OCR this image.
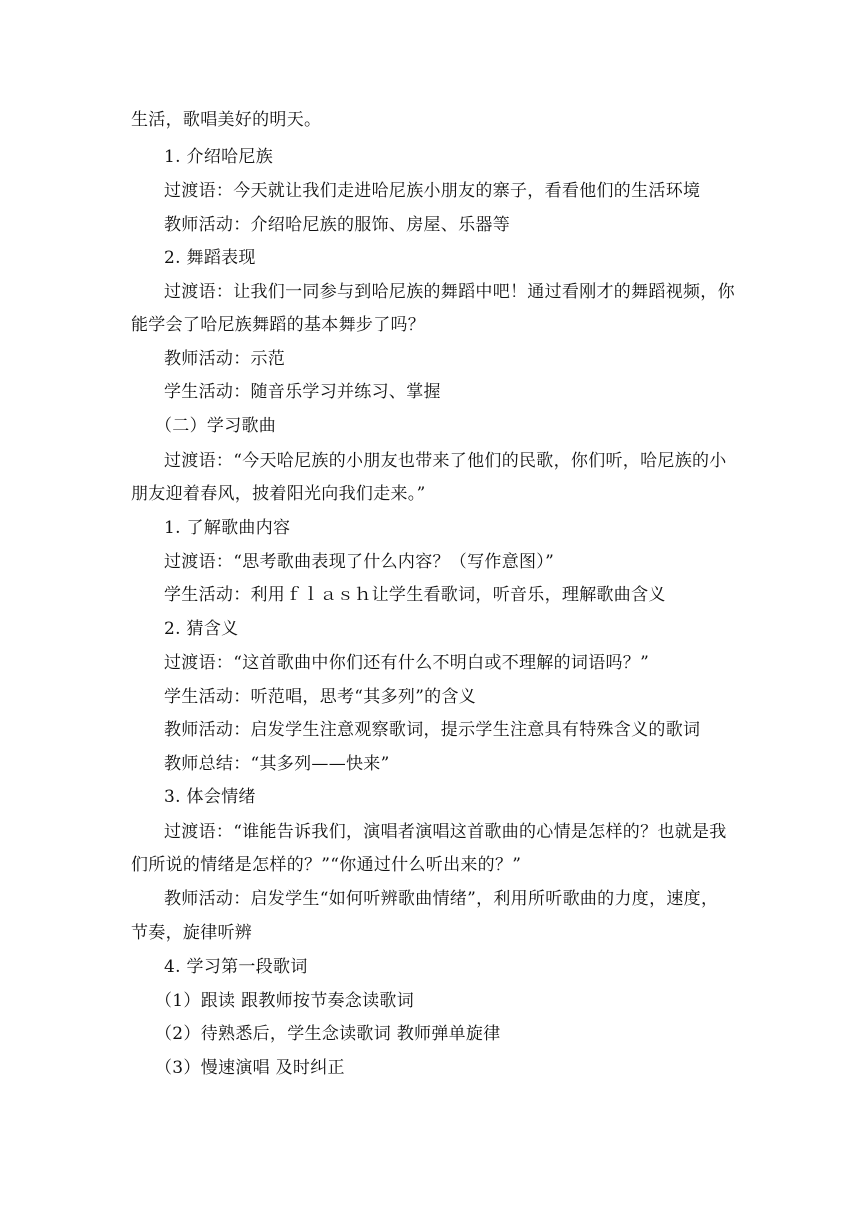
生活，歌唱美好的明天。
1. 介绍哈尼族
过渡语：今天就让我们走进哈尼族小朋友的寨子，看看他们的生活环境
教师活动：介绍哈尼族的服饰、房屋、乐器等
2. 舞蹈表现
过渡语：让我们一同参与到哈尼族的舞蹈中吧！通过看刚才的舞蹈视频，你
能学会了哈尼族舞蹈的基本舞步了吗？
教师活动：示范
学生活动：随音乐学习并练习、掌握
（二）学习歌曲
过渡语：“今天哈尼族的小朋友也带来了他们的民歌，你们听，哈尼族的小
朋友迎着春风，披着阳光向我们走来。”
1. 了解歌曲内容
过渡语：“思考歌曲表现了什么内容？（写作意图）”
学生活动：利用ｆｌａｓｈ让学生看歌词，听音乐，理解歌曲含义
2. 猜含义
过渡语：“这首歌曲中你们还有什么不明白或不理解的词语吗？”
学生活动：听范唱，思考“其多列”的含义
教师活动：启发学生注意观察歌词，提示学生注意具有特殊含义的歌词
教师总结：“其多列——快来”
3. 体会情绪
过渡语：“谁能告诉我们，演唱者演唱这首歌曲的心情是怎样的？也就是我
们所说的情绪是怎样的？”“你通过什么听出来的？”
教师活动：启发学生“如何听辨歌曲情绪”，利用所听歌曲的力度，速度，
节奏，旋律听辨
4. 学习第一段歌词
（1）跟读 跟教师按节奏念读歌词
（2）待熟悉后，学生念读歌词 教师弹单旋律
（3）慢速演唱 及时纠正
